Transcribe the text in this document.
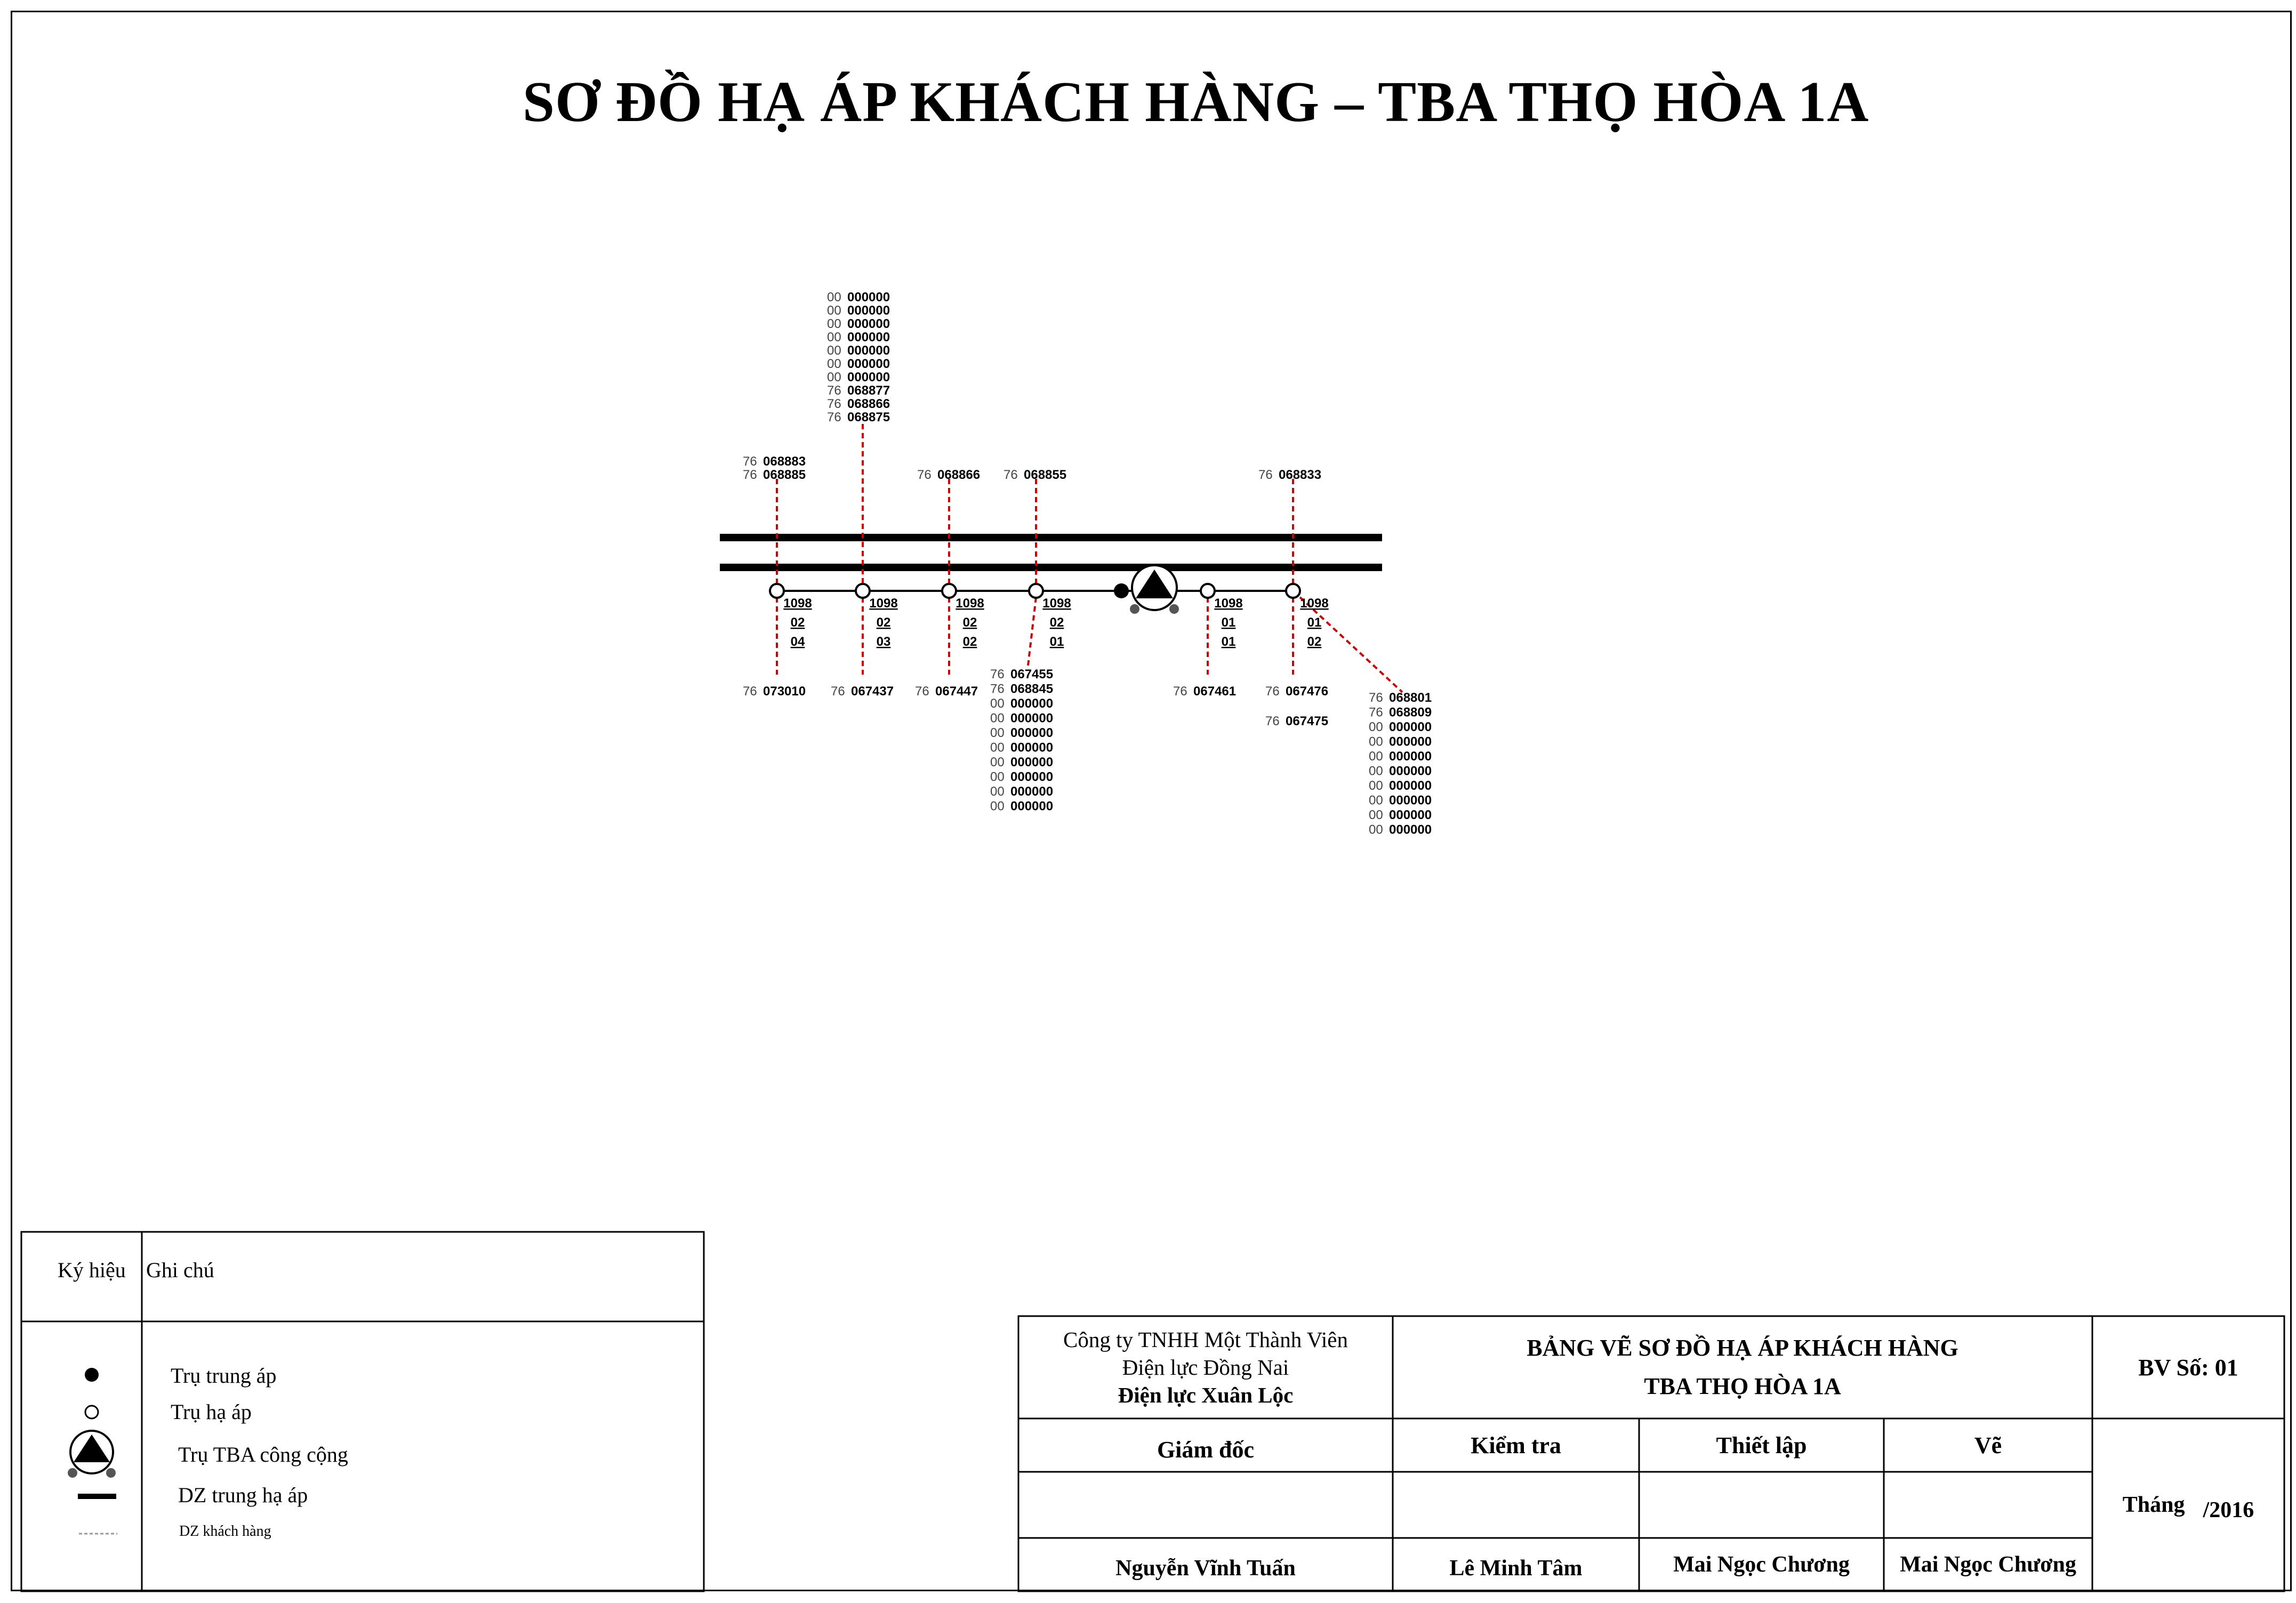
SƠ ĐỒ HẠ ÁP KHÁCH HÀNG – TBA THỌ HÒA 1A
76 068883
76 068885
00 000000
00 000000
00 000000
00 000000
00 000000
00 000000
00 000000
76 068877
76 068866
76 068875
76 068866 76 068855	76 068833
1098
02
04
1098
02
03
1098
02
02
1098
02
01
1098
01
01
1098
01
02
76 073010 76 067437 76 067447
76 067455
76 068845
00 000000
00 000000
00 000000
00 000000
00 000000
00 000000
00 000000
00 000000
76 067461 76 067476
76 067475
76 068801
76 068809
00 000000
00 000000
00 000000
00 000000
00 000000
00 000000
00 000000
00 000000
Ký hiệu Ghi chú
Trụ trung áp
Trụ hạ áp
Trụ TBA công cộng
DZ trung hạ áp
DZ khách hàng
Công ty TNHH Một Thành Viên
Điện lực Đồng Nai
Điện lực Xuân Lộc
BẢNG VẼ SƠ ĐỒ HẠ ÁP KHÁCH HÀNG
TBA THỌ HÒA 1A
BV Số: 01
Giám đốc	Kiểm tra	Thiết lập	Vẽ
Nguyễn Vĩnh Tuấn	Lê Minh Tâm	Mai Ngọc Chương	Mai Ngọc Chương
Tháng /2016
